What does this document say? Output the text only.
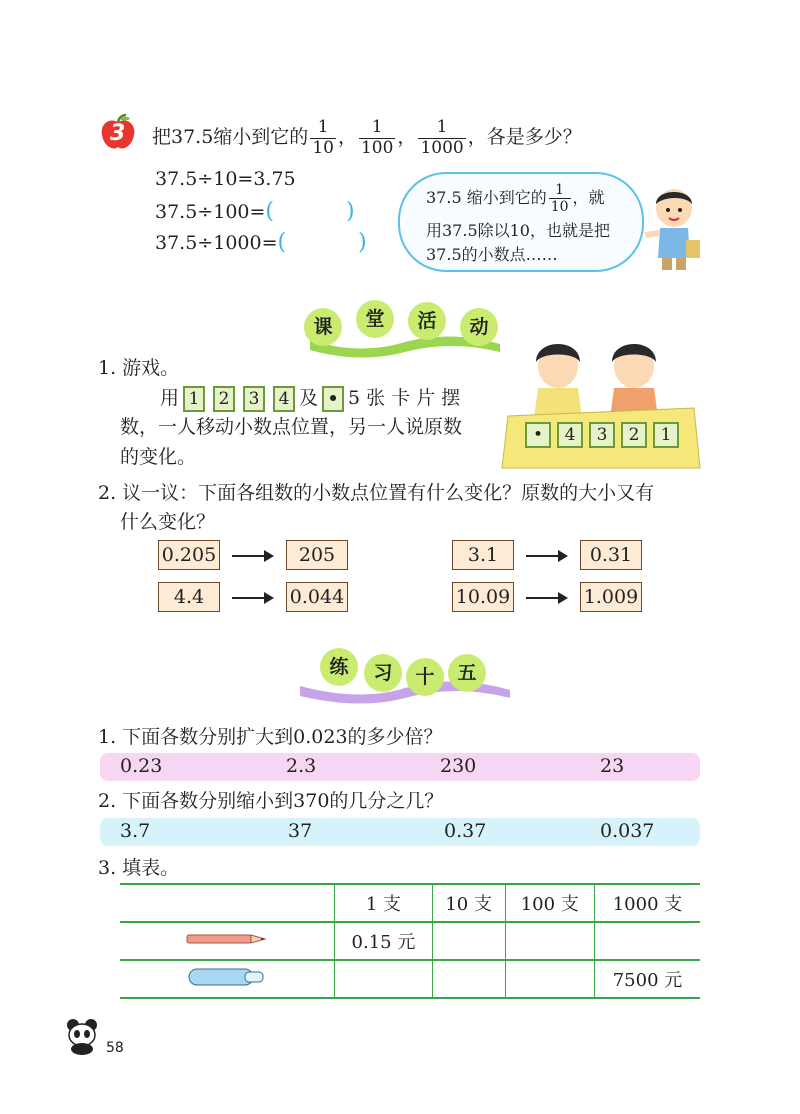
3 把37.5缩小到它的 $\frac{1}{10}$ ， $\frac{1}{100}$ ， $\frac{1}{1000}$ ，各是多少？
37.5÷10=3.75
37.5÷100=(	)
37.5÷1000=(	)
37.5 缩小到它的 $\frac{1}{10}$ ，就
用37.5除以10，也就是把
37.5的小数点……
课	堂	活	动
1. 游戏。
用 1 2 3 4 及 • 5 张 卡 片 摆
数，一人移动小数点位置，另一人说原数
的变化。
• 4 3 2 1
2. 议一议：下面各组数的小数点位置有什么变化？原数的大小又有
什么变化？
0.205	205	3.1	0.31
4.4	0.044	10.09	1.009
练	习	十	五
1. 下面各数分别扩大到0.023的多少倍？
0.23	2.3	230	23
2. 下面各数分别缩小到370的几分之几？
3.7	37	0.37	0.037
3. 填表。
	1 支	10 支	100 支	1000 支
	0.15 元			
				7500 元
58
